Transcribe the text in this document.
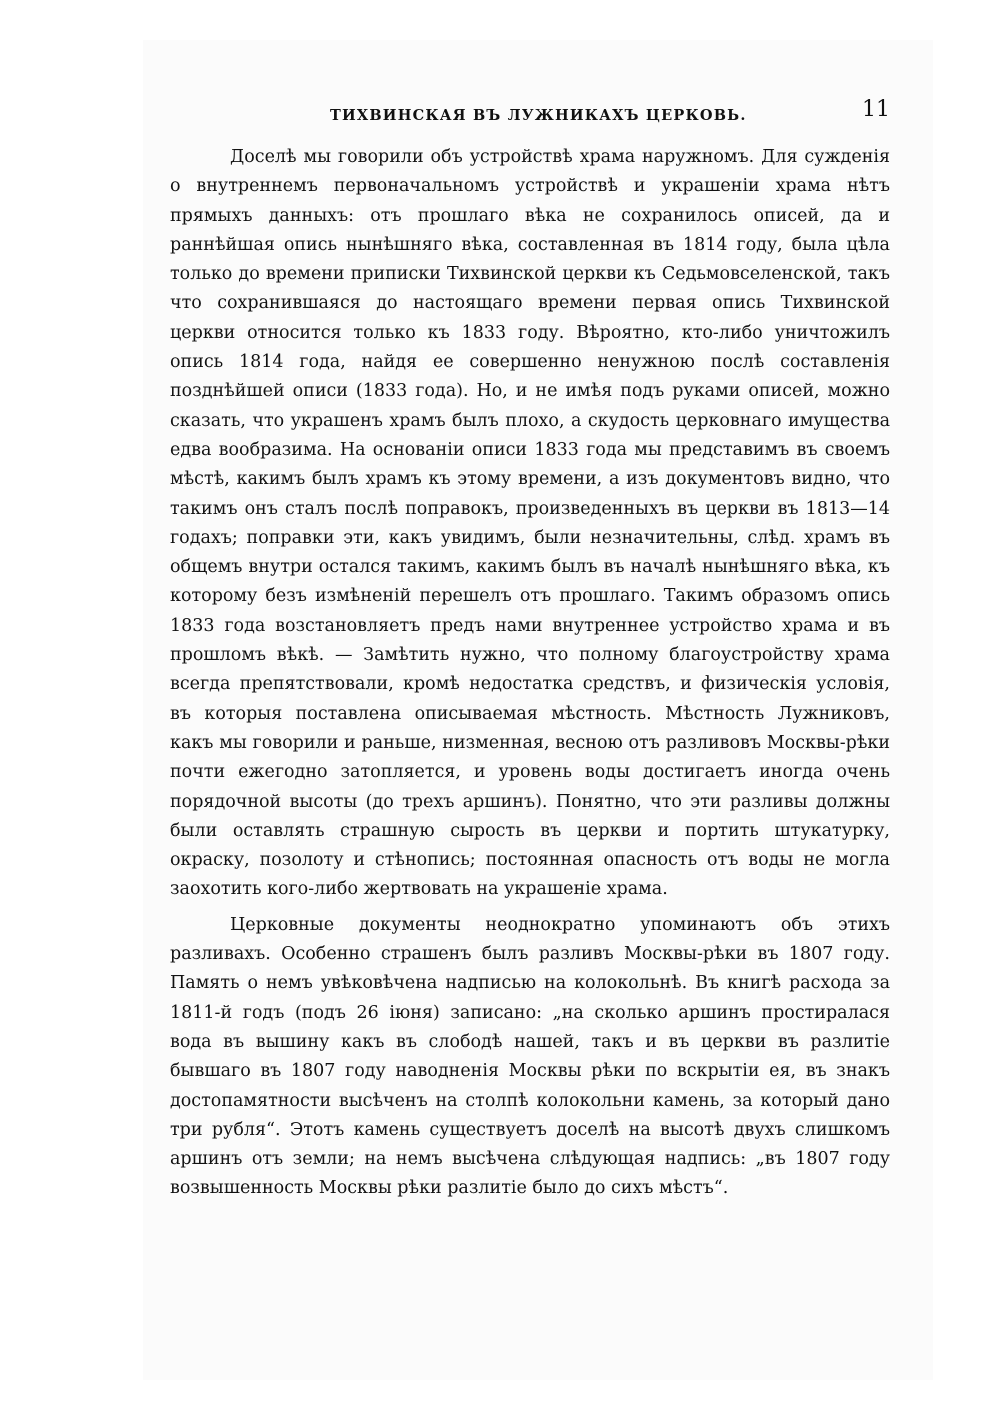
ТИХВИНСКАЯ ВЪ ЛУЖНИКАХЪ ЦЕРКОВЬ.	11

Доселѣ мы говорили объ устройствѣ храма наружномъ. Для сужденія о внутреннемъ первоначальномъ устройствѣ и украшеніи храма нѣтъ прямыхъ данныхъ: отъ прошлаго вѣка не сохранилось описей, да и раннѣйшая опись нынѣшняго вѣка, составленная въ 1814 году, была цѣла только до времени приписки Тихвинской церкви къ Седьмовселенской, такъ что сохранившаяся до настоящаго времени первая опись Тихвинской церкви относится только къ 1833 году. Вѣроятно, кто-либо уничтожилъ опись 1814 года, найдя ее совершенно ненужною послѣ составленія позднѣйшей описи (1833 года). Но, и не имѣя подъ руками описей, можно сказать, что украшенъ храмъ былъ плохо, а скудость церковнаго имущества едва вообразима. На основаніи описи 1833 года мы представимъ въ своемъ мѣстѣ, какимъ былъ храмъ къ этому времени, а изъ документовъ видно, что такимъ онъ сталъ послѣ поправокъ, произведенныхъ въ церкви въ 1813—14 годахъ; поправки эти, какъ увидимъ, были незначительны, слѣд. храмъ въ общемъ внутри остался такимъ, какимъ былъ въ началѣ нынѣшняго вѣка, къ которому безъ измѣненій перешелъ отъ прошлаго. Такимъ образомъ опись 1833 года возстановляетъ предъ нами внутреннее устройство храма и въ прошломъ вѣкѣ. — Замѣтить нужно, что полному благоустройству храма всегда препятствовали, кромѣ недостатка средствъ, и физическія условія, въ которыя поставлена описываемая мѣстность. Мѣстность Лужниковъ, какъ мы говорили и раньше, низменная, весною отъ разливовъ Москвы-рѣки почти ежегодно затопляется, и уровень воды достигаетъ иногда очень порядочной высоты (до трехъ аршинъ). Понятно, что эти разливы должны были оставлять страшную сырость въ церкви и портить штукатурку, окраску, позолоту и стѣнопись; постоянная опасность отъ воды не могла заохотить кого-либо жертвовать на украшеніе храма.

Церковные документы неоднократно упоминаютъ объ этихъ разливахъ. Особенно страшенъ былъ разливъ Москвы-рѣки въ 1807 году. Память о немъ увѣковѣчена надписью на колокольнѣ. Въ книгѣ расхода за 1811-й годъ (подъ 26 іюня) записано: „на сколько аршинъ простиралася вода въ вышину какъ въ слободѣ нашей, такъ и въ церкви въ разлитіе бывшаго въ 1807 году наводненія Москвы рѣки по вскрытіи ея, въ знакъ достопамятности высѣченъ на столпѣ колокольни камень, за который дано три рубля“. Этотъ камень существуетъ доселѣ на высотѣ двухъ слишкомъ аршинъ отъ земли; на немъ высѣчена слѣдующая надпись: „въ 1807 году возвышенность Москвы рѣки разлитіе было до сихъ мѣстъ“.
